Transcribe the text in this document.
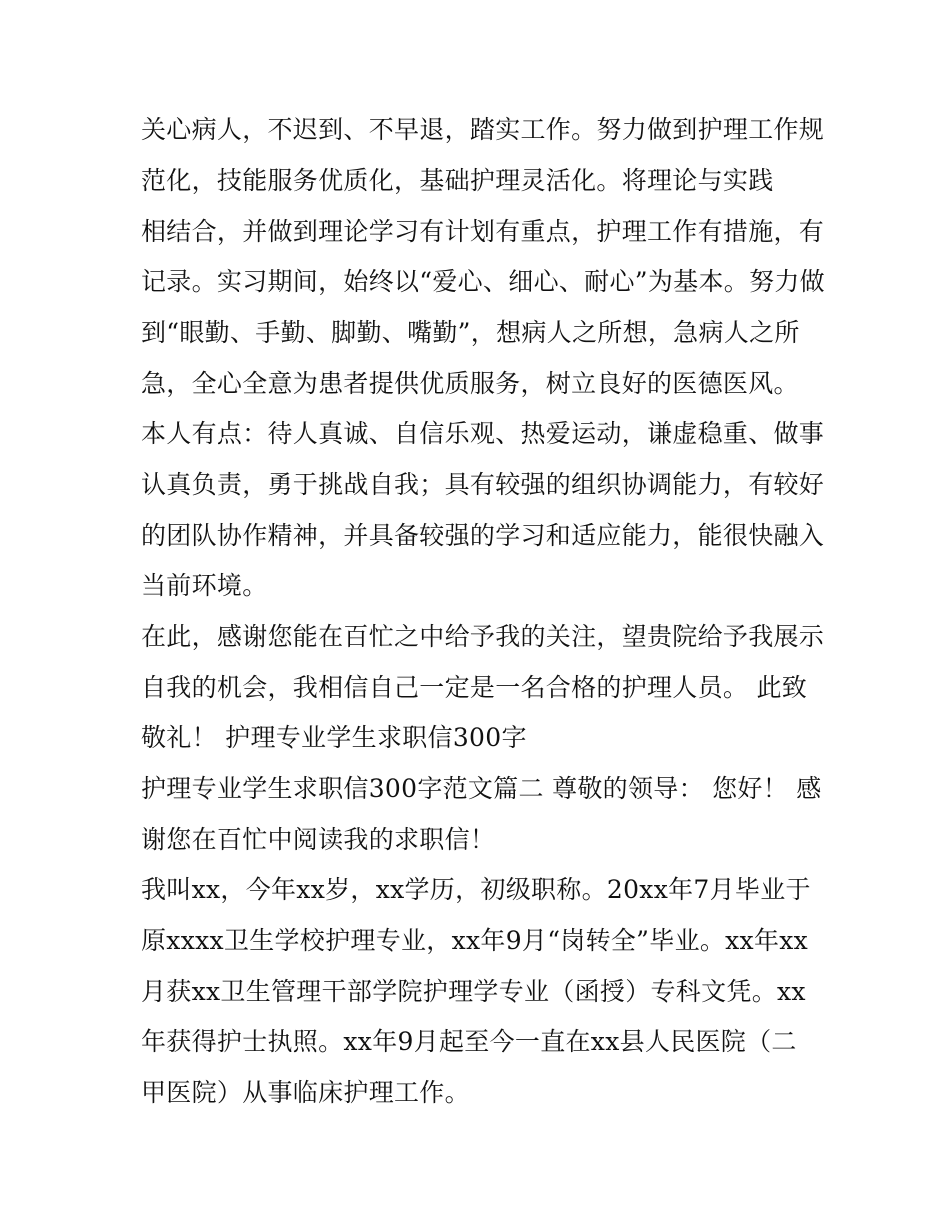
关心病人，不迟到、不早退，踏实工作。努力做到护理工作规
范化，技能服务优质化，基础护理灵活化。将理论与实践
相结合，并做到理论学习有计划有重点，护理工作有措施，有
记录。实习期间，始终以“爱心、细心、耐心”为基本。努力做
到“眼勤、手勤、脚勤、嘴勤”，想病人之所想，急病人之所
急，全心全意为患者提供优质服务，树立良好的医德医风。
本人有点：待人真诚、自信乐观、热爱运动，谦虚稳重、做事
认真负责，勇于挑战自我；具有较强的组织协调能力，有较好
的团队协作精神，并具备较强的学习和适应能力，能很快融入
当前环境。
在此，感谢您能在百忙之中给予我的关注，望贵院给予我展示
自我的机会，我相信自己一定是一名合格的护理人员。 此致
敬礼！ 护理专业学生求职信300字
护理专业学生求职信300字范文篇二 尊敬的领导： 您好！ 感
谢您在百忙中阅读我的求职信！
我叫xx，今年xx岁，xx学历，初级职称。20xx年7月毕业于
原xxxx卫生学校护理专业，xx年9月“岗转全”毕业。xx年xx
月获xx卫生管理干部学院护理学专业（函授）专科文凭。xx
年获得护士执照。xx年9月起至今一直在xx县人民医院（二
甲医院）从事临床护理工作。
